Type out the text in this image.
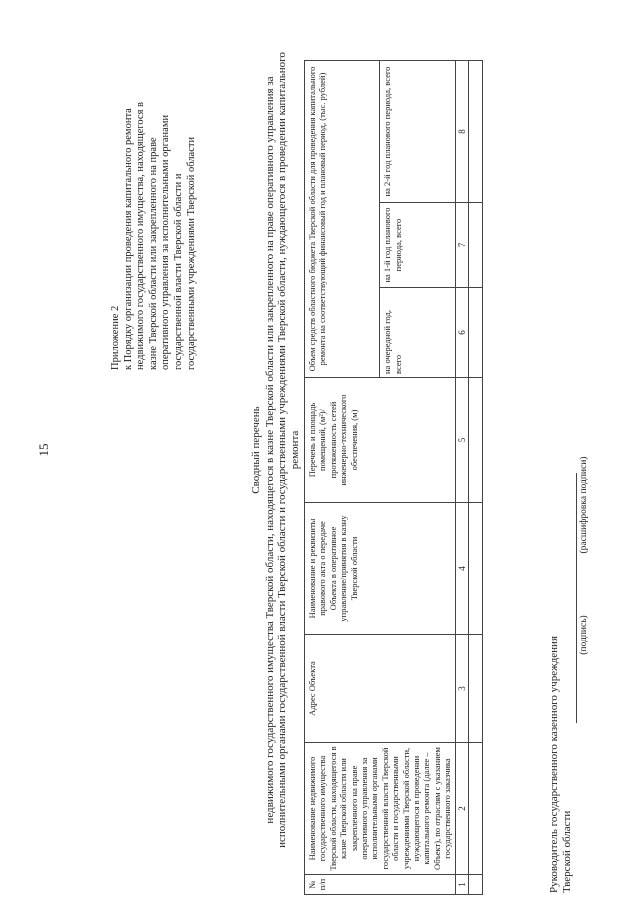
15
Приложение 2 к Порядку организации проведения капитального ремонта недвижимого государственного имущества, находящегося в казне Тверской области или закрепленного на праве оперативного управления за исполнительными органами государственной власти Тверской области и государственными учреждениями Тверской области
Сводный перечень недвижимого государственного имущества Тверской области, находящегося в казне Тверской области или закрепленного на праве оперативного управления за исполнительными органами государственной власти Тверской области и государственными учреждениями Тверской области, нуждающегося в проведении капитального ремонта
№ п/п	Наименование недвижимого государственного имущества Тверской области, находящегося в казне Тверской области или закрепленного на праве оперативного управления за исполнительными органами государственной власти Тверской области и государственными учреждениями Тверской области, нуждающегося в проведении капитального ремонта (далее – Объект), по отраслям с указанием государственного заказчика	Адрес Объекта	Наименование и реквизиты правового акта о передаче Объекта в оперативное управление/принятия в казну Тверской области	Перечень и площадь помещений, (м²)/ протяженность сетей инженерно-технического обеспечения, (м)	Объем средств областного бюджета Тверской области для проведения капитального ремонта на соответствующий финансовый год и плановый период, (тыс. рублей)		
					на очередной год, всего	на 1-й год планового периода, всего	на 2-й год планового периода, всего
1	2	3	4	5	6	7	8

Руководитель государственного казенного учреждения Тверской области
(подпись)
(расшифровка подписи)
